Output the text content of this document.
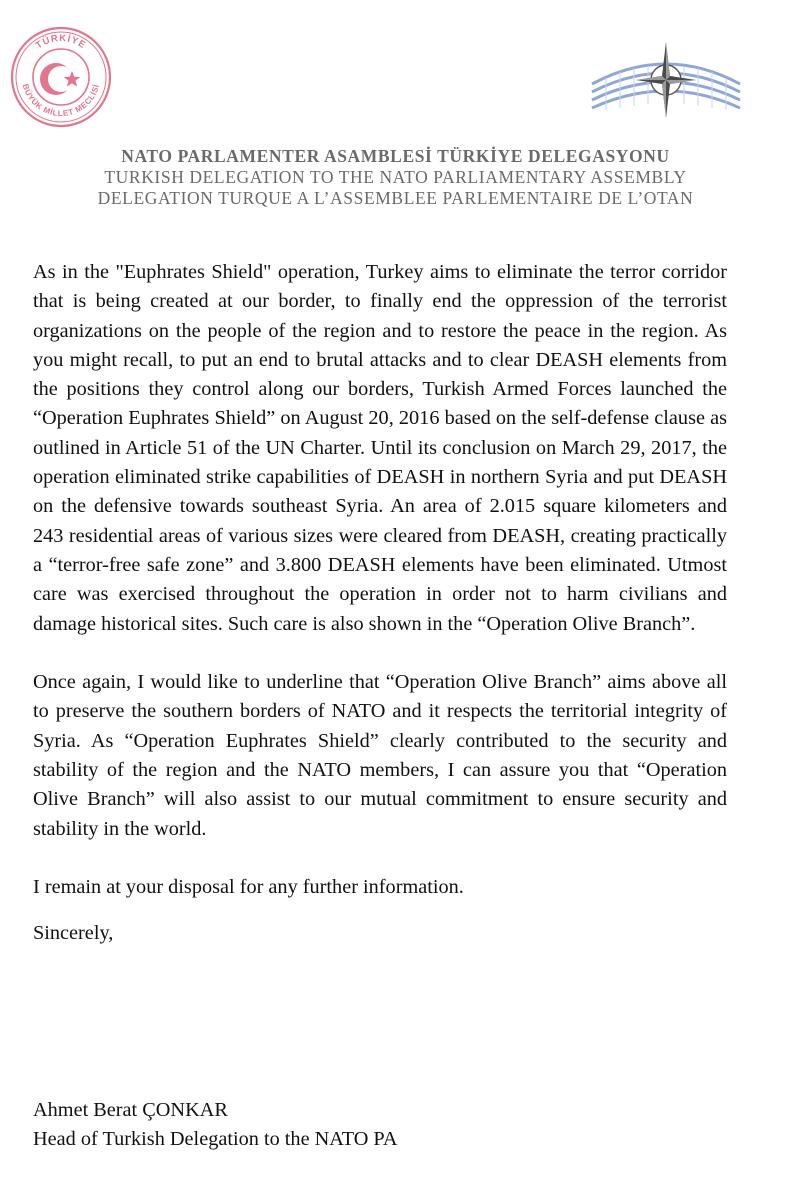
TÜRKİYE
BÜYÜK MİLLET MECLİSİ
NATO PARLAMENTER ASAMBLESİ TÜRKİYE DELEGASYONU
TURKISH DELEGATION TO THE NATO PARLIAMENTARY ASSEMBLY
DELEGATION TURQUE A L’ASSEMBLEE PARLEMENTAIRE DE L’OTAN

As in the "Euphrates Shield" operation, Turkey aims to eliminate the terror corridor that is being created at our border, to finally end the oppression of the terrorist organizations on the people of the region and to restore the peace in the region. As you might recall, to put an end to brutal attacks and to clear DEASH elements from the positions they control along our borders, Turkish Armed Forces launched the “Operation Euphrates Shield” on August 20, 2016 based on the self-defense clause as outlined in Article 51 of the UN Charter. Until its conclusion on March 29, 2017, the operation eliminated strike capabilities of DEASH in northern Syria and put DEASH on the defensive towards southeast Syria. An area of 2.015 square kilometers and 243 residential areas of various sizes were cleared from DEASH, creating practically a “terror-free safe zone” and 3.800 DEASH elements have been eliminated. Utmost care was exercised throughout the operation in order not to harm civilians and damage historical sites. Such care is also shown in the “Operation Olive Branch”.

Once again, I would like to underline that “Operation Olive Branch” aims above all to preserve the southern borders of NATO and it respects the territorial integrity of Syria. As “Operation Euphrates Shield” clearly contributed to the security and stability of the region and the NATO members, I can assure you that “Operation Olive Branch” will also assist to our mutual commitment to ensure security and stability in the world.

I remain at your disposal for any further information.

Sincerely,
Ahmet Berat ÇONKAR
Head of Turkish Delegation to the NATO PA
